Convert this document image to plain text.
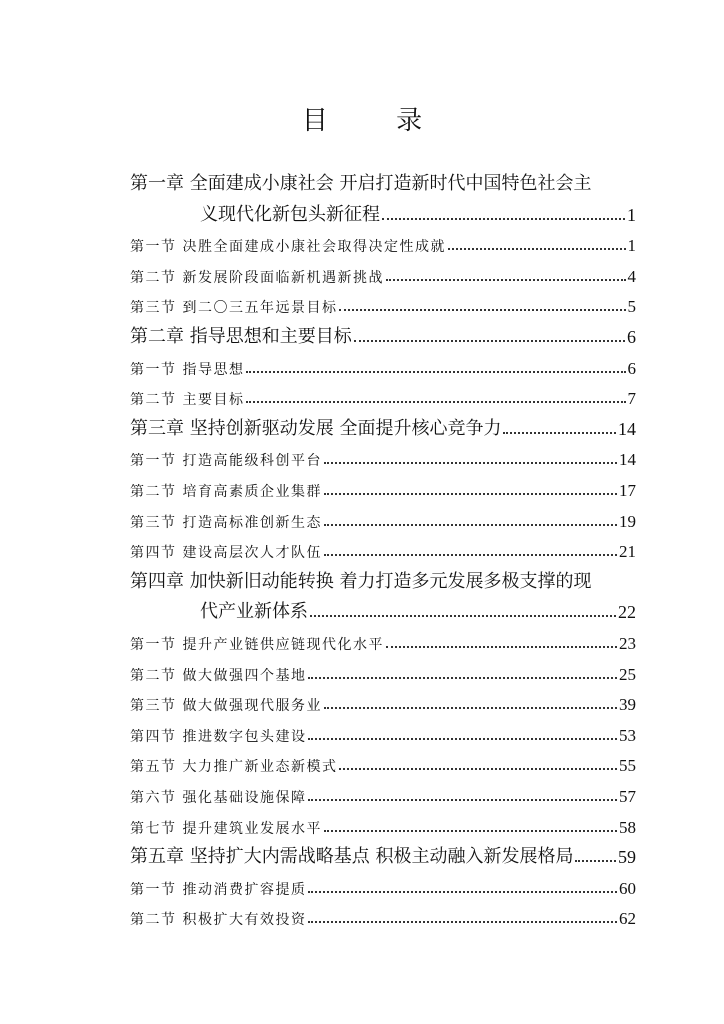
目 录
第一章 全面建成小康社会 开启打造新时代中国特色社会主
义现代化新包头新征程	1
第一节 决胜全面建成小康社会取得决定性成就	1
第二节 新发展阶段面临新机遇新挑战	4
第三节 到二〇三五年远景目标	5
第二章 指导思想和主要目标	6
第一节 指导思想	6
第二节 主要目标	7
第三章 坚持创新驱动发展 全面提升核心竞争力	14
第一节 打造高能级科创平台	14
第二节 培育高素质企业集群	17
第三节 打造高标准创新生态	19
第四节 建设高层次人才队伍	21
第四章 加快新旧动能转换 着力打造多元发展多极支撑的现
代产业新体系	22
第一节 提升产业链供应链现代化水平	23
第二节 做大做强四个基地	25
第三节 做大做强现代服务业	39
第四节 推进数字包头建设	53
第五节 大力推广新业态新模式	55
第六节 强化基础设施保障	57
第七节 提升建筑业发展水平	58
第五章 坚持扩大内需战略基点 积极主动融入新发展格局 59
第一节 推动消费扩容提质	60
第二节 积极扩大有效投资	62
